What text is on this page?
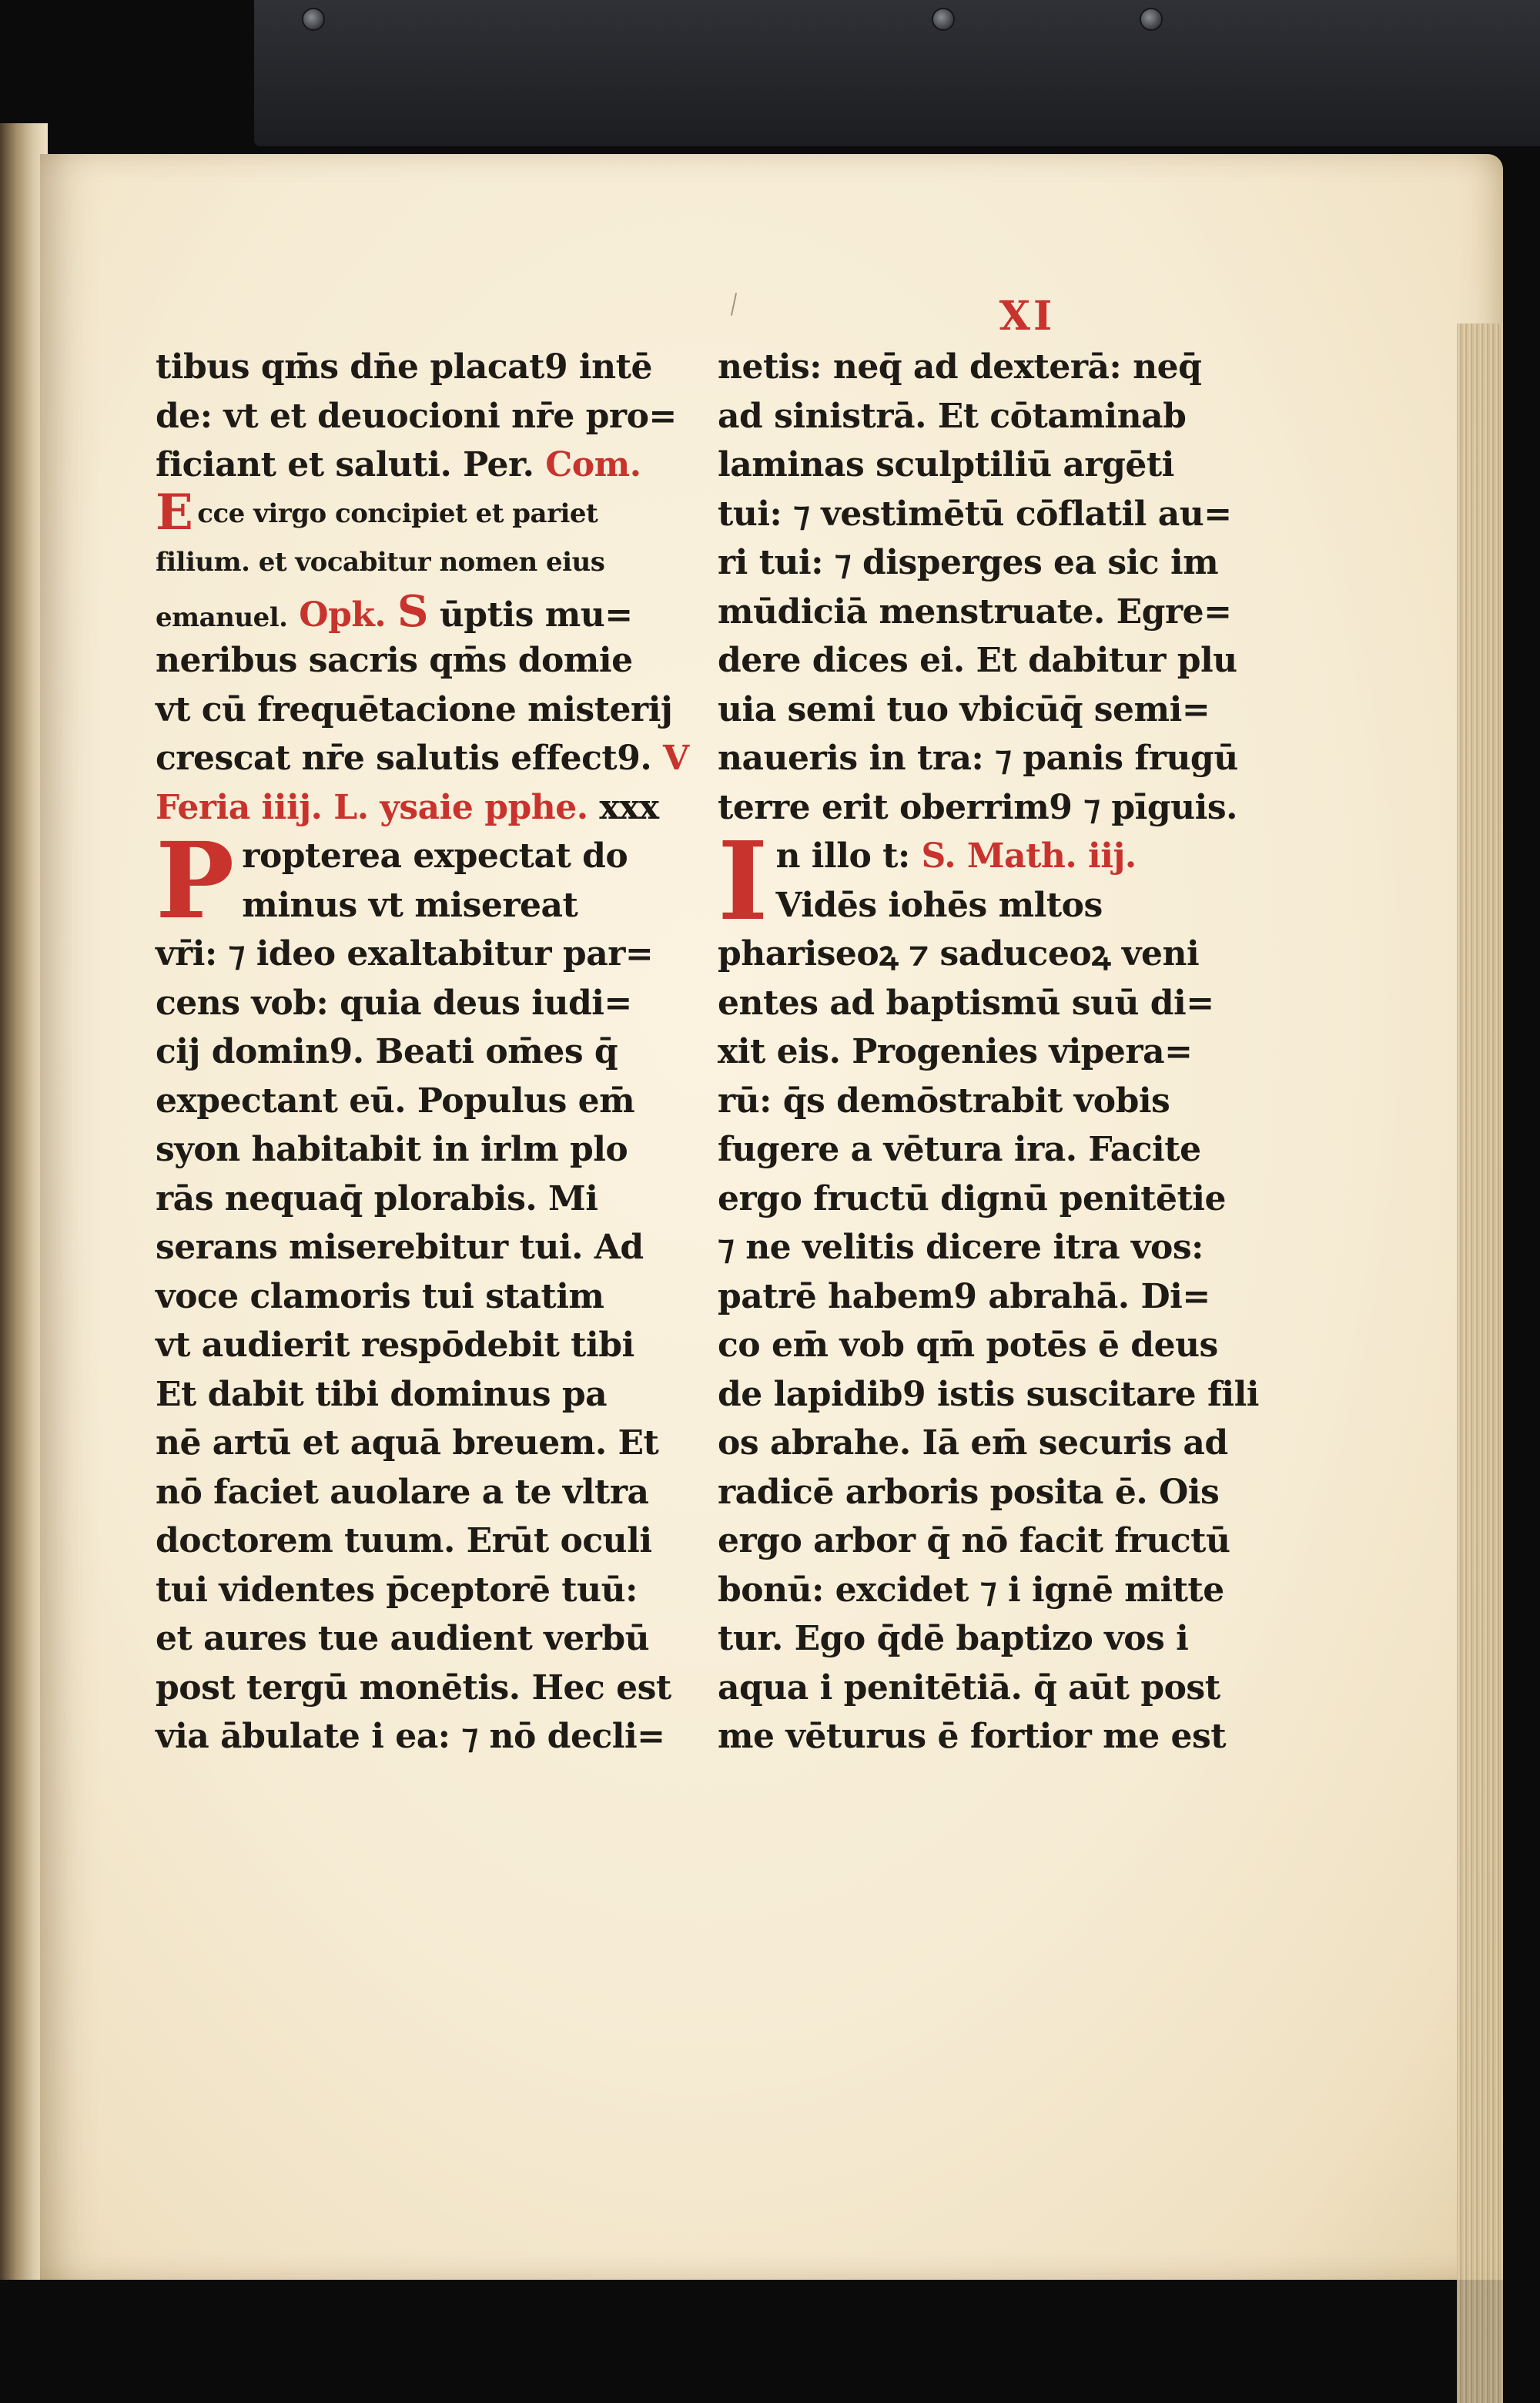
XI
tibus qm̄s dn̄e placat9 intē
de: vt et deuocioni nr̄e pro=
ficiant et saluti. Per. Com.
E cce virgo concipiet et pariet
filium. et vocabitur nomen eius
emanuel. Opk. S ūptis mu=
neribus sacris qm̄s domie
vt cū frequētacione misterij
crescat nr̄e salutis effect9. V
Feria iiij. L. ysaie pphe. xxx
P ropterea expectat do
minus vt misereat
vr̄i: ⁊ ideo exaltabitur par=
cens vob: quia deus iudi=
cij domin9. Beati om̄es q̄
expectant eū. Populus em̄
syon habitabit in irlm plo
rās nequaq̄ plorabis. Mi
serans miserebitur tui. Ad
voce clamoris tui statim
vt audierit respōdebit tibi
Et dabit tibi dominus pa
nē artū et aquā breuem. Et
nō faciet auolare a te vltra
doctorem tuum. Erūt oculi
tui videntes p̄ceptorē tuū:
et aures tue audient verbū
post tergū monētis. Hec est
via ābulate i ea: ⁊ nō decli=
netis: neq̄ ad dexterā: neq̄
ad sinistrā. Et cōtaminab
laminas sculptiliū argēti
tui: ⁊ vestimētū cōflatil au=
ri tui: ⁊ disperges ea sic im
mūdiciā menstruate. Egre=
dere dices ei. Et dabitur plu
uia semi tuo vbicūq̄ semi=
naueris in tra: ⁊ panis frugū
terre erit oberrim9 ⁊ pīguis.
I n illo t: S. Math. iij.
Vidēs iohēs mltos
phariseoꝝ ⁊ saduceoꝝ veni
entes ad baptismū suū di=
xit eis. Progenies vipera=
rū: q̄s demōstrabit vobis
fugere a vētura ira. Facite
ergo fructū dignū penitētie
⁊ ne velitis dicere itra vos:
patrē habem9 abrahā. Di=
co em̄ vob qm̄ potēs ē deus
de lapidib9 istis suscitare fili
os abrahe. Iā em̄ securis ad
radicē arboris posita ē. Ois
ergo arbor q̄ nō facit fructū
bonū: excidet ⁊ i ignē mitte
tur. Ego q̄dē baptizo vos i
aqua i penitētiā. q̄ aūt post
me vēturus ē fortior me est
